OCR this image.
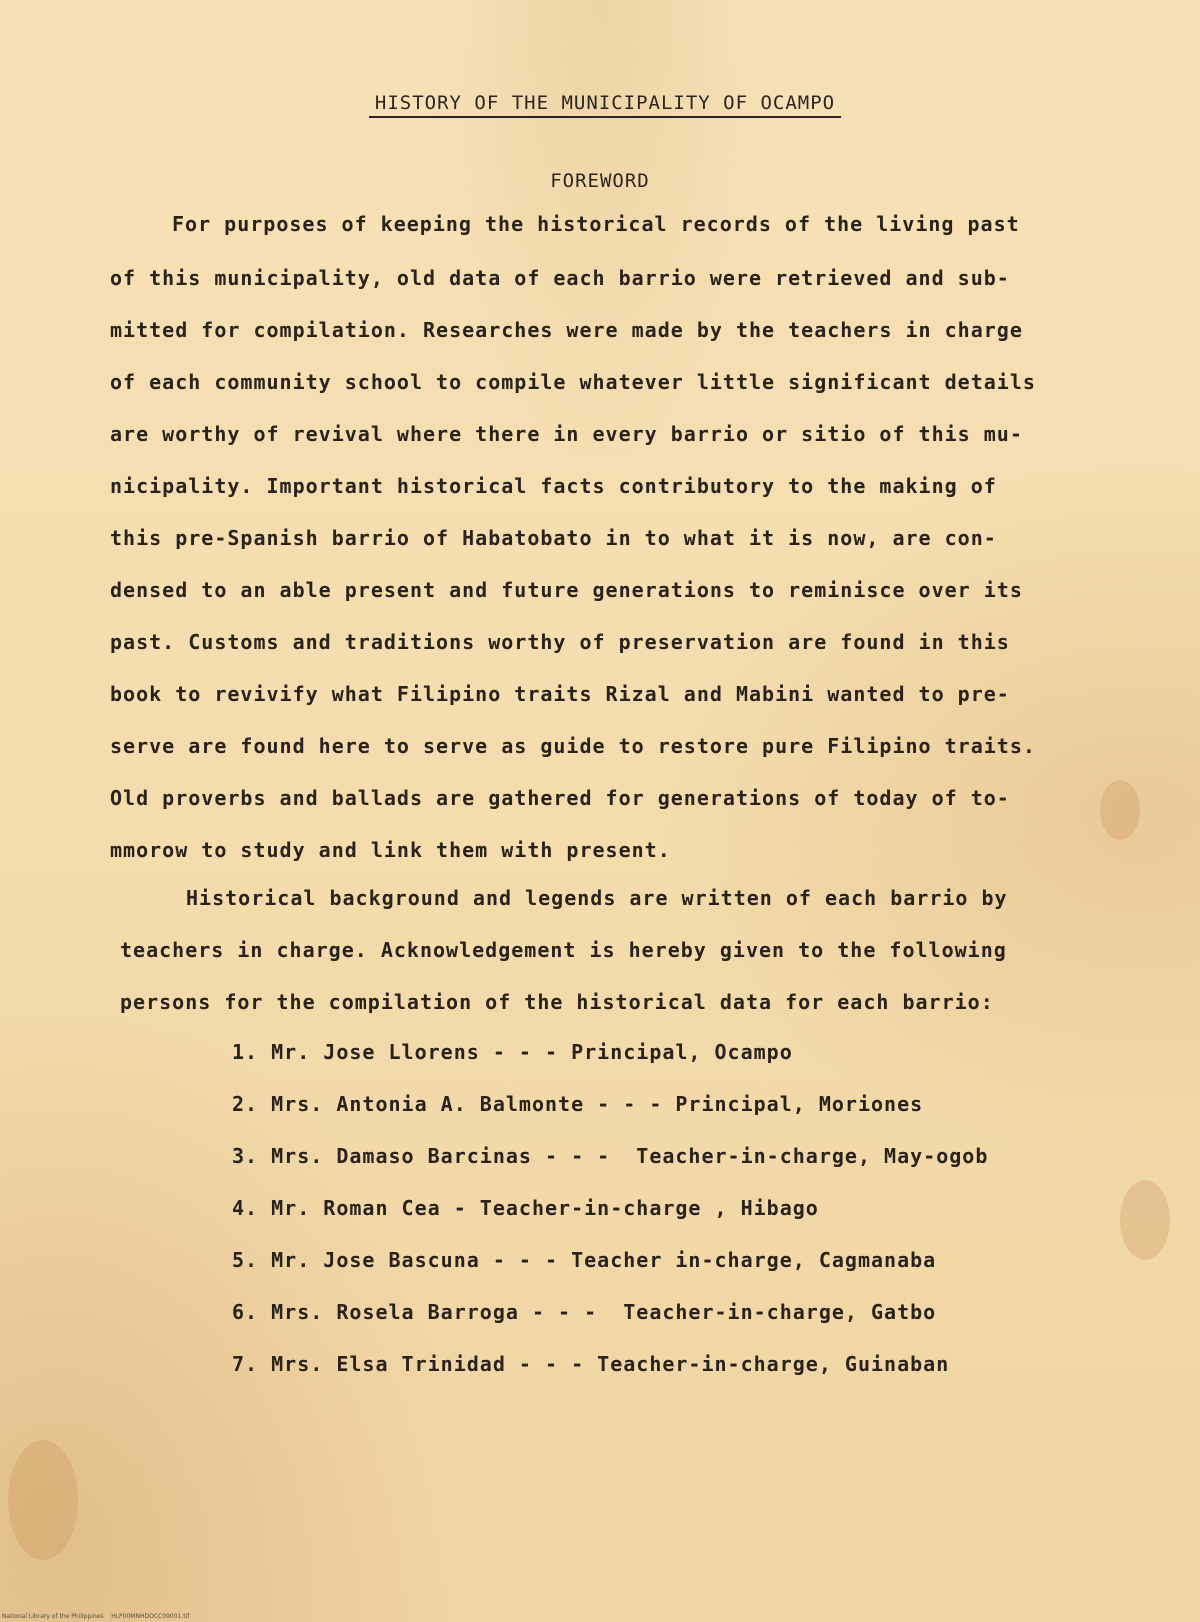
HISTORY OF THE MUNICIPALITY OF OCAMPO
FOREWORD
For purposes of keeping the historical records of the living past
of this municipality, old data of each barrio were retrieved and sub-
mitted for compilation. Researches were made by the teachers in charge
of each community school to compile whatever little significant details
are worthy of revival where there in every barrio or sitio of this mu-
nicipality. Important historical facts contributory to the making of
this pre-Spanish barrio of Habatobato in to what it is now, are con-
densed to an able present and future generations to reminisce over its
past. Customs and traditions worthy of preservation are found in this
book to revivify what Filipino traits Rizal and Mabini wanted to pre-
serve are found here to serve as guide to restore pure Filipino traits.
Old proverbs and ballads are gathered for generations of today of to-
mmorow to study and link them with present.
Historical background and legends are written of each barrio by
teachers in charge. Acknowledgement is hereby given to the following
persons for the compilation of the historical data for each barrio:
1. Mr. Jose Llorens - - - Principal, Ocampo
2. Mrs. Antonia A. Balmonte - - - Principal, Moriones
3. Mrs. Damaso Barcinas - - -  Teacher-in-charge, May-ogob
4. Mr. Roman Cea - Teacher-in-charge , Hibago
5. Mr. Jose Bascuna - - - Teacher in-charge, Cagmanaba
6. Mrs. Rosela Barroga - - -  Teacher-in-charge, Gatbo
7. Mrs. Elsa Trinidad - - - Teacher-in-charge, Guinaban
National Library of the Philippines    HLP00MNHDOCC09001.tif
